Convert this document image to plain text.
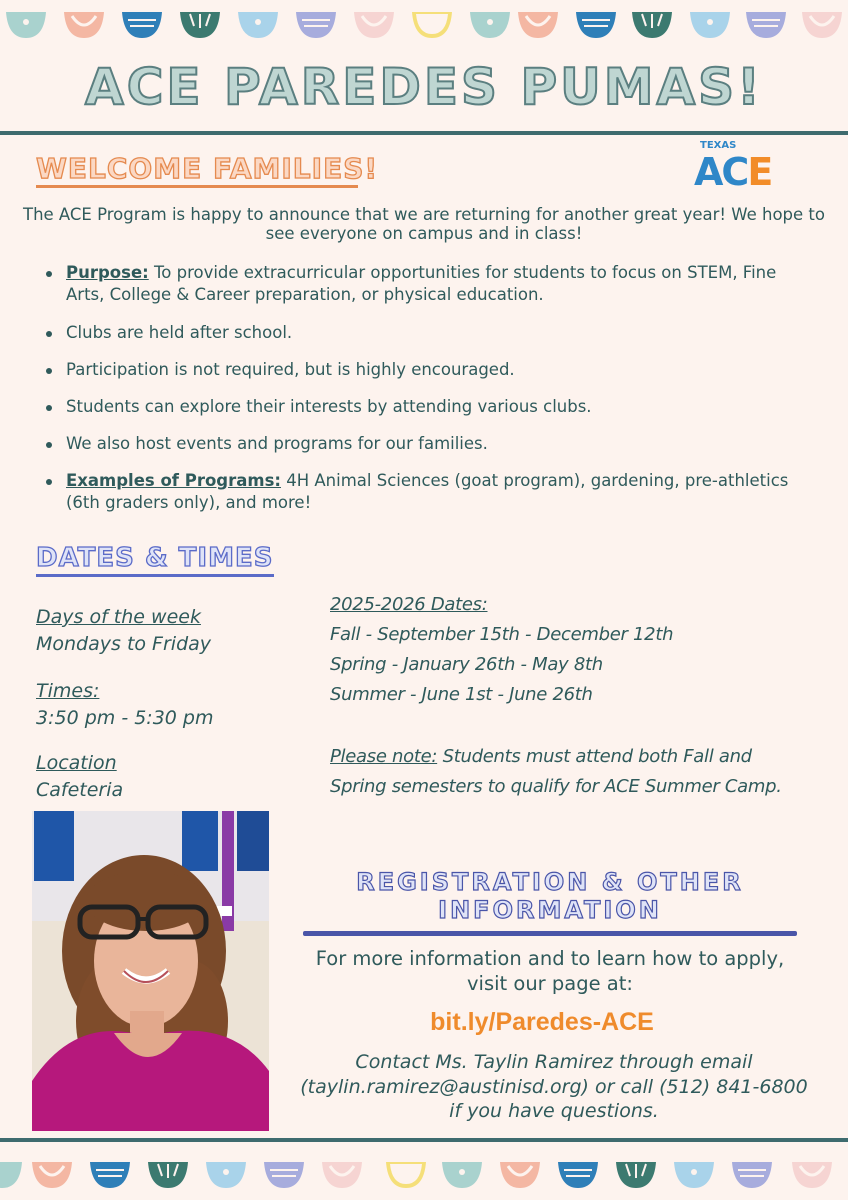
ACE PAREDES PUMAS!
WELCOME FAMILIES!
TEXAS
ACE

The ACE Program is happy to announce that we are returning for another great year! We hope to see everyone on campus and in class!

Purpose: To provide extracurricular opportunities for students to focus on STEM, Fine Arts, College & Career preparation, or physical education.
Clubs are held after school.
Participation is not required, but is highly encouraged.
Students can explore their interests by attending various clubs.
We also host events and programs for our families.
Examples of Programs: 4H Animal Sciences (goat program), gardening, pre-athletics (6th graders only), and more!
DATES & TIMES
Days of the week
Mondays to Friday
Times:
3:50 pm - 5:30 pm
Location
Cafeteria
2025-2026 Dates:
Fall - September 15th - December 12th
Spring - January 26th - May 8th
Summer - June 1st - June 26th
Please note: Students must attend both Fall and Spring semesters to qualify for ACE Summer Camp.
REGISTRATION & OTHER
INFORMATION
For more information and to learn how to apply,
visit our page at:
bit.ly/Paredes-ACE
Contact Ms. Taylin Ramirez through email
(taylin.ramirez@austinisd.org) or call (512) 841-6800
if you have questions.
